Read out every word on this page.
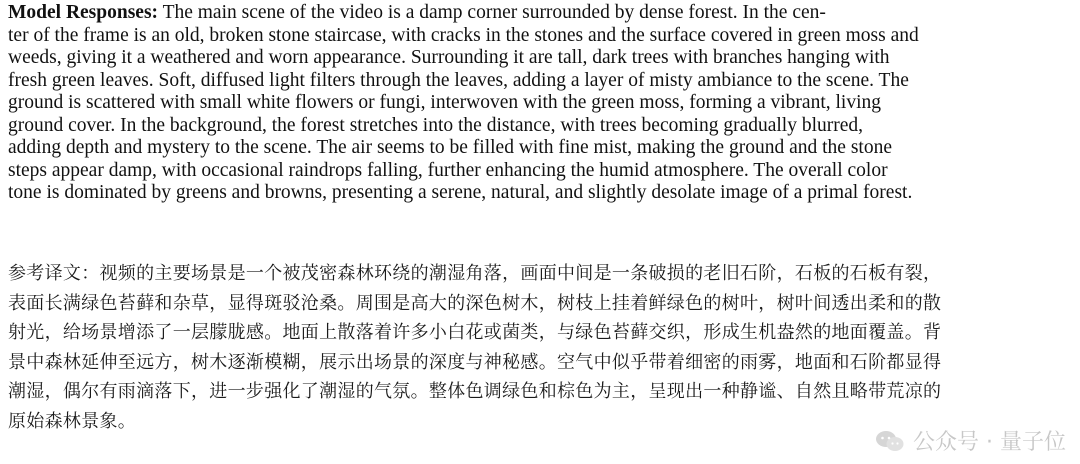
Model Responses: The main scene of the video is a damp corner surrounded by dense forest. In the cen-
ter of the frame is an old, broken stone staircase, with cracks in the stones and the surface covered in green moss and
weeds, giving it a weathered and worn appearance. Surrounding it are tall, dark trees with branches hanging with
fresh green leaves. Soft, diffused light filters through the leaves, adding a layer of misty ambiance to the scene. The
ground is scattered with small white flowers or fungi, interwoven with the green moss, forming a vibrant, living
ground cover. In the background, the forest stretches into the distance, with trees becoming gradually blurred,
adding depth and mystery to the scene. The air seems to be filled with fine mist, making the ground and the stone
steps appear damp, with occasional raindrops falling, further enhancing the humid atmosphere. The overall color
tone is dominated by greens and browns, presenting a serene, natural, and slightly desolate image of a primal forest.
参考译文：视频的主要场景是一个被茂密森林环绕的潮湿角落，画面中间是一条破损的老旧石阶，石板的石板有裂，
表面长满绿色苔藓和杂草，显得斑驳沧桑。周围是高大的深色树木，树枝上挂着鲜绿色的树叶，树叶间透出柔和的散
射光，给场景增添了一层朦胧感。地面上散落着许多小白花或菌类，与绿色苔藓交织，形成生机盎然的地面覆盖。背
景中森林延伸至远方，树木逐渐模糊，展示出场景的深度与神秘感。空气中似乎带着细密的雨雾，地面和石阶都显得
潮湿，偶尔有雨滴落下，进一步强化了潮湿的气氛。整体色调绿色和棕色为主，呈现出一种静谧、自然且略带荒凉的
原始森林景象。
公众号 · 量子位
